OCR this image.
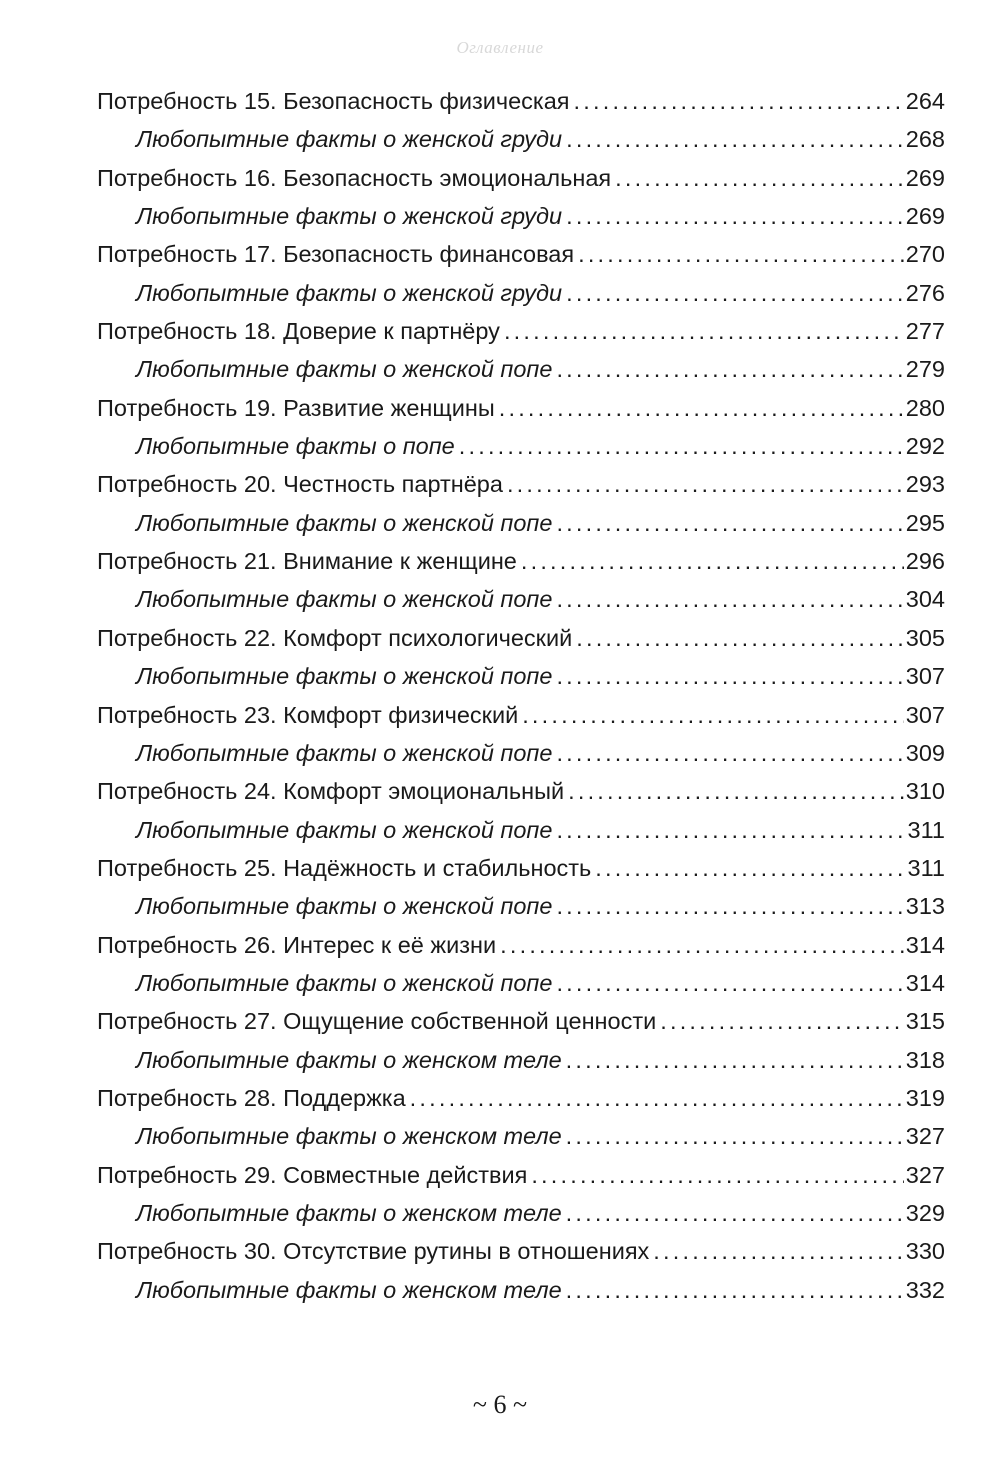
Оглавление
Потребность 15. Безопасность физическая .....	264
Любопытные факты о женской груди .....	268
Потребность 16. Безопасность эмоциональная .....	269
Любопытные факты о женской груди .....	269
Потребность 17. Безопасность финансовая .....	270
Любопытные факты о женской груди .....	276
Потребность 18. Доверие к партнёру .....	277
Любопытные факты о женской попе .....	279
Потребность 19. Развитие женщины .....	280
Любопытные факты о попе .....	292
Потребность 20. Честность партнёра .....	293
Любопытные факты о женской попе .....	295
Потребность 21. Внимание к женщине .....	296
Любопытные факты о женской попе .....	304
Потребность 22. Комфорт психологический .....	305
Любопытные факты о женской попе .....	307
Потребность 23. Комфорт физический .....	307
Любопытные факты о женской попе .....	309
Потребность 24. Комфорт эмоциональный .....	310
Любопытные факты о женской попе .....	311
Потребность 25. Надёжность и стабильность .....	311
Любопытные факты о женской попе .....	313
Потребность 26. Интерес к её жизни .....	314
Любопытные факты о женской попе .....	314
Потребность 27. Ощущение собственной ценности .....	315
Любопытные факты о женском теле .....	318
Потребность 28. Поддержка .....	319
Любопытные факты о женском теле .....	327
Потребность 29. Совместные действия .....	327
Любопытные факты о женском теле .....	329
Потребность 30. Отсутствие рутины в отношениях .....	330
Любопытные факты о женском теле .....	332
~ 6 ~
